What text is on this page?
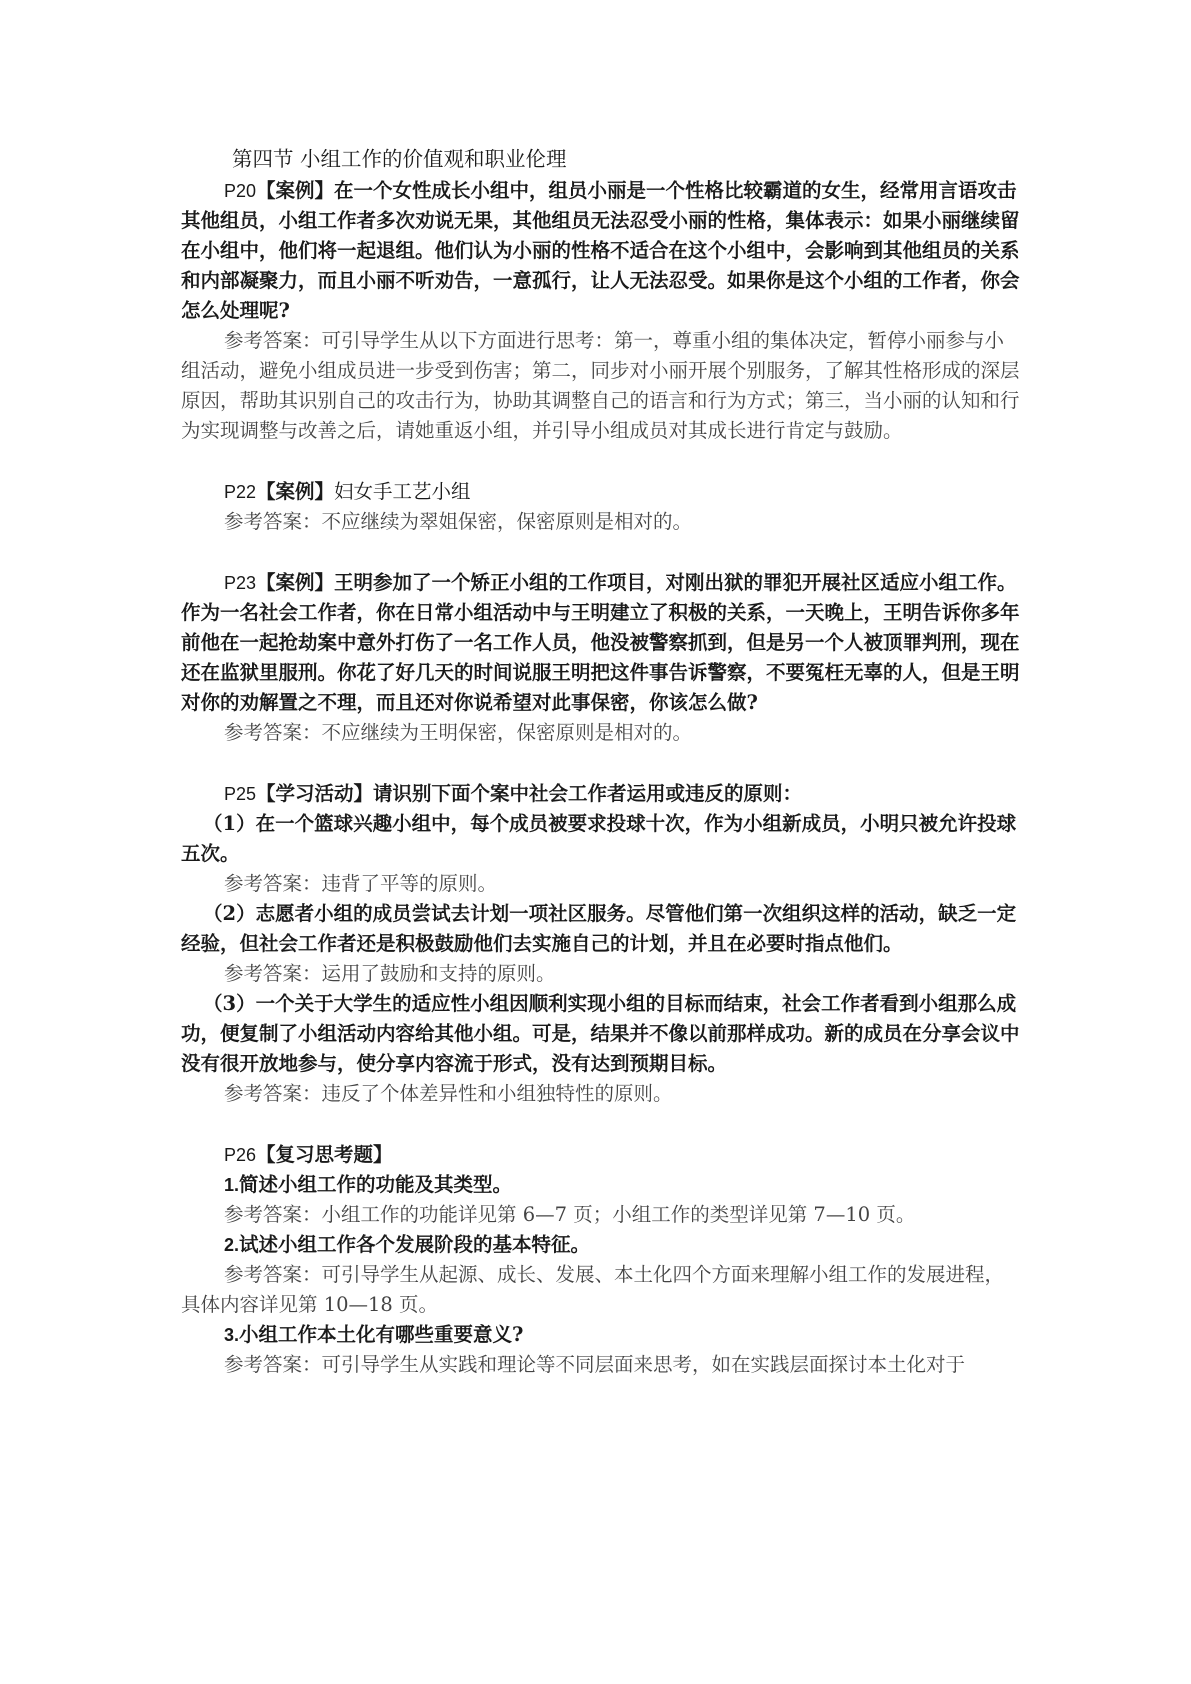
第四节 小组工作的价值观和职业伦理

P20【案例】在一个女性成长小组中，组员小丽是一个性格比较霸道的女生，经常用言语攻击其他组员，小组工作者多次劝说无果，其他组员无法忍受小丽的性格，集体表示：如果小丽继续留在小组中，他们将一起退组。他们认为小丽的性格不适合在这个小组中，会影响到其他组员的关系和内部凝聚力，而且小丽不听劝告，一意孤行，让人无法忍受。如果你是这个小组的工作者，你会怎么处理呢?

参考答案：可引导学生从以下方面进行思考：第一，尊重小组的集体决定，暂停小丽参与小组活动，避免小组成员进一步受到伤害；第二，同步对小丽开展个别服务，了解其性格形成的深层原因，帮助其识别自己的攻击行为，协助其调整自己的语言和行为方式；第三，当小丽的认知和行为实现调整与改善之后，请她重返小组，并引导小组成员对其成长进行肯定与鼓励。

P22【案例】妇女手工艺小组

参考答案：不应继续为翠姐保密，保密原则是相对的。

P23【案例】王明参加了一个矫正小组的工作项目，对刚出狱的罪犯开展社区适应小组工作。作为一名社会工作者，你在日常小组活动中与王明建立了积极的关系，一天晚上，王明告诉你多年前他在一起抢劫案中意外打伤了一名工作人员，他没被警察抓到，但是另一个人被顶罪判刑，现在还在监狱里服刑。你花了好几天的时间说服王明把这件事告诉警察，不要冤枉无辜的人，但是王明对你的劝解置之不理，而且还对你说希望对此事保密，你该怎么做?

参考答案：不应继续为王明保密，保密原则是相对的。

P25【学习活动】请识别下面个案中社会工作者运用或违反的原则：

（1）在一个篮球兴趣小组中，每个成员被要求投球十次，作为小组新成员，小明只被允许投球五次。

参考答案：违背了平等的原则。

（2）志愿者小组的成员尝试去计划一项社区服务。尽管他们第一次组织这样的活动，缺乏一定经验，但社会工作者还是积极鼓励他们去实施自己的计划，并且在必要时指点他们。

参考答案：运用了鼓励和支持的原则。

（3）一个关于大学生的适应性小组因顺利实现小组的目标而结束，社会工作者看到小组那么成功，便复制了小组活动内容给其他小组。可是，结果并不像以前那样成功。新的成员在分享会议中没有很开放地参与，使分享内容流于形式，没有达到预期目标。

参考答案：违反了个体差异性和小组独特性的原则。

P26【复习思考题】

1.简述小组工作的功能及其类型。

参考答案：小组工作的功能详见第 6—7 页；小组工作的类型详见第 7—10 页。

2.试述小组工作各个发展阶段的基本特征。

参考答案：可引导学生从起源、成长、发展、本土化四个方面来理解小组工作的发展进程，具体内容详见第 10—18 页。

3.小组工作本土化有哪些重要意义?

参考答案：可引导学生从实践和理论等不同层面来思考，如在实践层面探讨本土化对于
